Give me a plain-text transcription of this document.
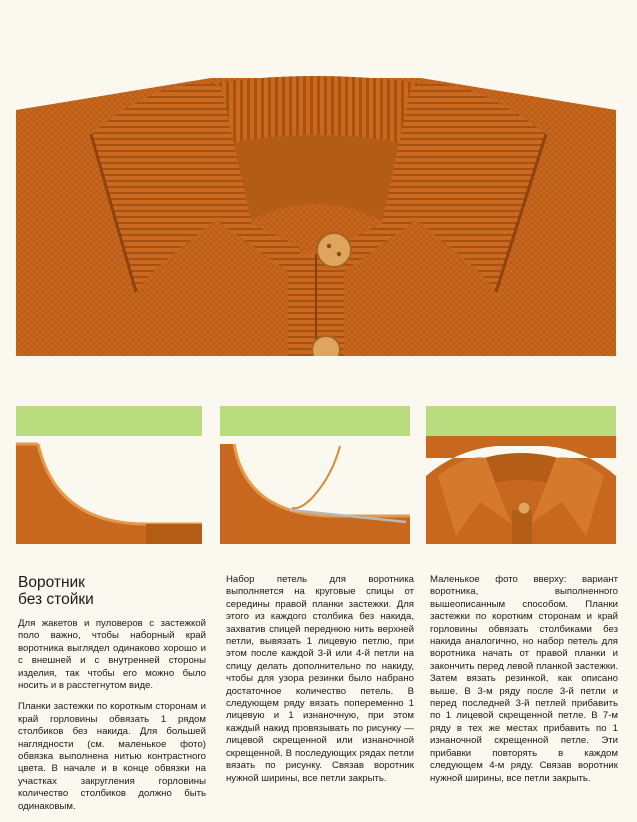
Воротник
без стойки

Для жакетов и пуловеров с застежкой поло важно, чтобы наборный край воротника выглядел одинаково хорошо и с внешней и с внутренней стороны изделия, так чтобы его можно было носить и в расстегнутом виде.

Планки застежки по короткым сторонам и край горловины обвязать 1 рядом столбиков без накида. Для большей наглядности (см. маленькое фото) обвязка выполнена нитью контрастного цвета. В начале и в конце обвязки на участках закругления горловины количество столбиков должно быть одинаковым.

Набор петель для воротника выполняется на круговые спицы от середины правой планки застежки. Для этого из каждого столбика без накида, захватив спицей переднюю нить верхней петли, вывязать 1 лицевую петлю, при этом после каждой 3-й или 4-й петли на спицу делать дополнительно по накиду, чтобы для узора резинки было набрано достаточное количество петель. В следующем ряду вязать попеременно 1 лицевую и 1 изнаночную, при этом каждый накид провязывать по рисунку — лицевой скрещенной или изнаночной скрещенной. В последующих рядах петли вязать по рисунку. Связав воротник нужной ширины, все петли закрыть.

Маленькое фото вверху: вариант воротника, выполненного вышеописанным способом. Планки застежки по коротким сторонам и край горловины обвязать столбиками без накида аналогично, но набор петель для воротника начать от правой планки и закончить перед левой планкой застежки. Затем вязать резинкой, как описано выше. В 3-м ряду после 3-й петли и перед последней 3-й петлей прибавить по 1 лицевой скрещенной петле. В 7-м ряду в тех же местах прибавить по 1 изнаночной скрещенной петле. Эти прибавки повторять в каждом следующем 4-м ряду. Связав воротник нужной ширины, все петли закрыть.
